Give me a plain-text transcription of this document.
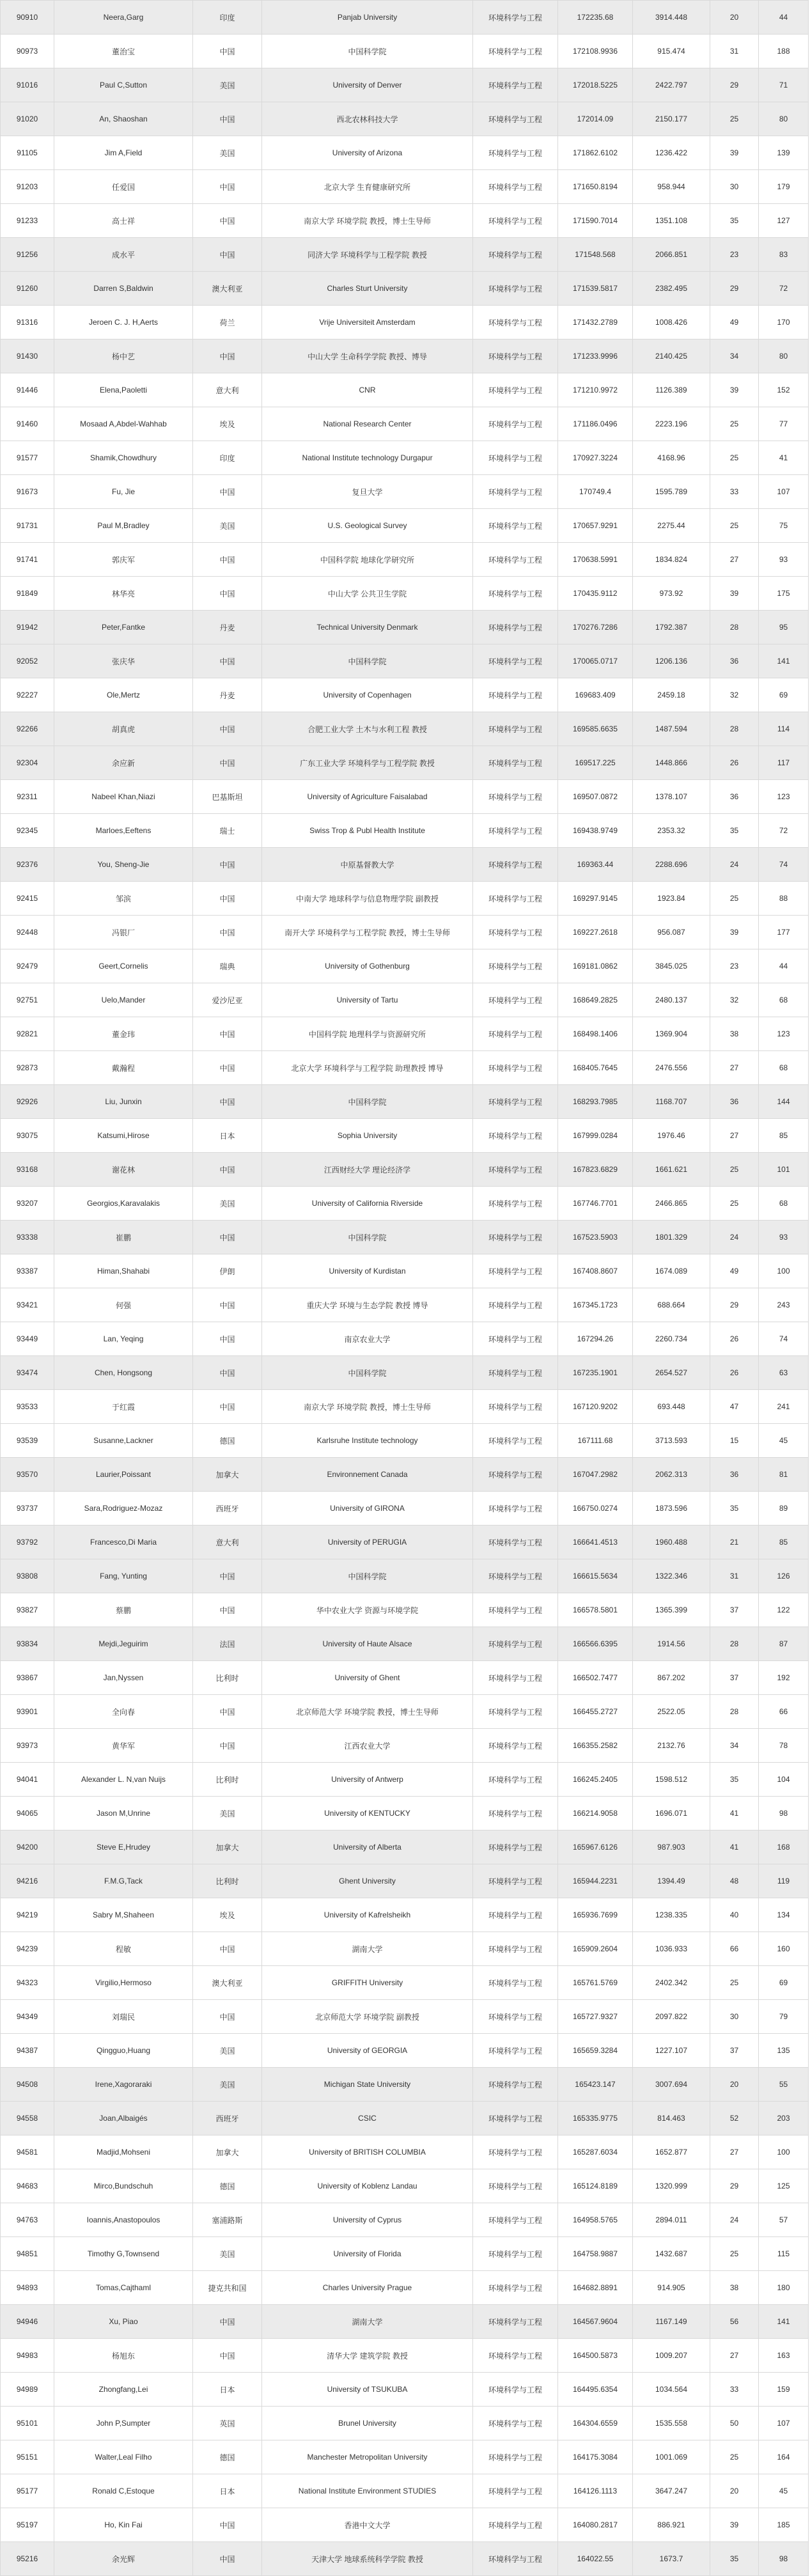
90910	Neera,Garg	印度	Panjab University	环境科学与工程	172235.68	3914.448	20	44
90973	董治宝	中国	中国科学院	环境科学与工程	172108.9936	915.474	31	188
91016	Paul C,Sutton	美国	University of Denver	环境科学与工程	172018.5225	2422.797	29	71
91020	An, Shaoshan	中国	西北农林科技大学	环境科学与工程	172014.09	2150.177	25	80
91105	Jim A,Field	美国	University of Arizona	环境科学与工程	171862.6102	1236.422	39	139
91203	任爱国	中国	北京大学 生育健康研究所	环境科学与工程	171650.8194	958.944	30	179
91233	高士祥	中国	南京大学 环境学院 教授，博士生导师	环境科学与工程	171590.7014	1351.108	35	127
91256	成水平	中国	同济大学 环境科学与工程学院 教授	环境科学与工程	171548.568	2066.851	23	83
91260	Darren S,Baldwin	澳大利亚	Charles Sturt University	环境科学与工程	171539.5817	2382.495	29	72
91316	Jeroen C. J. H,Aerts	荷兰	Vrije Universiteit Amsterdam	环境科学与工程	171432.2789	1008.426	49	170
91430	杨中艺	中国	中山大学 生命科学学院 教授、博导	环境科学与工程	171233.9996	2140.425	34	80
91446	Elena,Paoletti	意大利	CNR	环境科学与工程	171210.9972	1126.389	39	152
91460	Mosaad A,Abdel-Wahhab	埃及	National Research Center	环境科学与工程	171186.0496	2223.196	25	77
91577	Shamik,Chowdhury	印度	National Institute technology Durgapur	环境科学与工程	170927.3224	4168.96	25	41
91673	Fu, Jie	中国	复旦大学	环境科学与工程	170749.4	1595.789	33	107
91731	Paul M,Bradley	美国	U.S. Geological Survey	环境科学与工程	170657.9291	2275.44	25	75
91741	郭庆军	中国	中国科学院 地球化学研究所	环境科学与工程	170638.5991	1834.824	27	93
91849	林华亮	中国	中山大学 公共卫生学院	环境科学与工程	170435.9112	973.92	39	175
91942	Peter,Fantke	丹麦	Technical University Denmark	环境科学与工程	170276.7286	1792.387	28	95
92052	张庆华	中国	中国科学院	环境科学与工程	170065.0717	1206.136	36	141
92227	Ole,Mertz	丹麦	University of Copenhagen	环境科学与工程	169683.409	2459.18	32	69
92266	胡真虎	中国	合肥工业大学 土木与水利工程 教授	环境科学与工程	169585.6635	1487.594	28	114
92304	余应新	中国	广东工业大学 环境科学与工程学院 教授	环境科学与工程	169517.225	1448.866	26	117
92311	Nabeel Khan,Niazi	巴基斯坦	University of Agriculture Faisalabad	环境科学与工程	169507.0872	1378.107	36	123
92345	Marloes,Eeftens	瑞士	Swiss Trop & Publ Health Institute	环境科学与工程	169438.9749	2353.32	35	72
92376	You, Sheng-Jie	中国	中原基督教大学	环境科学与工程	169363.44	2288.696	24	74
92415	邹滨	中国	中南大学 地球科学与信息物理学院 副教授	环境科学与工程	169297.9145	1923.84	25	88
92448	冯银厂	中国	南开大学 环境科学与工程学院 教授，博士生导师	环境科学与工程	169227.2618	956.087	39	177
92479	Geert,Cornelis	瑞典	University of Gothenburg	环境科学与工程	169181.0862	3845.025	23	44
92751	Uelo,Mander	爱沙尼亚	University of Tartu	环境科学与工程	168649.2825	2480.137	32	68
92821	董金玮	中国	中国科学院 地理科学与资源研究所	环境科学与工程	168498.1406	1369.904	38	123
92873	戴瀚程	中国	北京大学 环境科学与工程学院 助理教授 博导	环境科学与工程	168405.7645	2476.556	27	68
92926	Liu, Junxin	中国	中国科学院	环境科学与工程	168293.7985	1168.707	36	144
93075	Katsumi,Hirose	日本	Sophia University	环境科学与工程	167999.0284	1976.46	27	85
93168	谢花林	中国	江西财经大学 理论经济学	环境科学与工程	167823.6829	1661.621	25	101
93207	Georgios,Karavalakis	美国	University of California Riverside	环境科学与工程	167746.7701	2466.865	25	68
93338	崔鹏	中国	中国科学院	环境科学与工程	167523.5903	1801.329	24	93
93387	Himan,Shahabi	伊朗	University of Kurdistan	环境科学与工程	167408.8607	1674.089	49	100
93421	何强	中国	重庆大学 环境与生态学院 教授 博导	环境科学与工程	167345.1723	688.664	29	243
93449	Lan, Yeqing	中国	南京农业大学	环境科学与工程	167294.26	2260.734	26	74
93474	Chen, Hongsong	中国	中国科学院	环境科学与工程	167235.1901	2654.527	26	63
93533	于红霞	中国	南京大学 环境学院 教授，博士生导师	环境科学与工程	167120.9202	693.448	47	241
93539	Susanne,Lackner	德国	Karlsruhe Institute technology	环境科学与工程	167111.68	3713.593	15	45
93570	Laurier,Poissant	加拿大	Environnement Canada	环境科学与工程	167047.2982	2062.313	36	81
93737	Sara,Rodriguez-Mozaz	西班牙	University of GIRONA	环境科学与工程	166750.0274	1873.596	35	89
93792	Francesco,Di Maria	意大利	University of PERUGIA	环境科学与工程	166641.4513	1960.488	21	85
93808	Fang, Yunting	中国	中国科学院	环境科学与工程	166615.5634	1322.346	31	126
93827	蔡鹏	中国	华中农业大学 资源与环境学院	环境科学与工程	166578.5801	1365.399	37	122
93834	Mejdi,Jeguirim	法国	University of Haute Alsace	环境科学与工程	166566.6395	1914.56	28	87
93867	Jan,Nyssen	比利时	University of Ghent	环境科学与工程	166502.7477	867.202	37	192
93901	全向春	中国	北京师范大学 环境学院 教授，博士生导师	环境科学与工程	166455.2727	2522.05	28	66
93973	黄华军	中国	江西农业大学	环境科学与工程	166355.2582	2132.76	34	78
94041	Alexander L. N,van Nuijs	比利时	University of Antwerp	环境科学与工程	166245.2405	1598.512	35	104
94065	Jason M,Unrine	美国	University of KENTUCKY	环境科学与工程	166214.9058	1696.071	41	98
94200	Steve E,Hrudey	加拿大	University of Alberta	环境科学与工程	165967.6126	987.903	41	168
94216	F.M.G,Tack	比利时	Ghent University	环境科学与工程	165944.2231	1394.49	48	119
94219	Sabry M,Shaheen	埃及	University of Kafrelsheikh	环境科学与工程	165936.7699	1238.335	40	134
94239	程敏	中国	湖南大学	环境科学与工程	165909.2604	1036.933	66	160
94323	Virgilio,Hermoso	澳大利亚	GRIFFITH University	环境科学与工程	165761.5769	2402.342	25	69
94349	刘瑞民	中国	北京师范大学 环境学院 副教授	环境科学与工程	165727.9327	2097.822	30	79
94387	Qingguo,Huang	美国	University of GEORGIA	环境科学与工程	165659.3284	1227.107	37	135
94508	Irene,Xagoraraki	美国	Michigan State University	环境科学与工程	165423.147	3007.694	20	55
94558	Joan,Albaigés	西班牙	CSIC	环境科学与工程	165335.9775	814.463	52	203
94581	Madjid,Mohseni	加拿大	University of BRITISH COLUMBIA	环境科学与工程	165287.6034	1652.877	27	100
94683	Mirco,Bundschuh	德国	University of Koblenz Landau	环境科学与工程	165124.8189	1320.999	29	125
94763	Ioannis,Anastopoulos	塞浦路斯	University of Cyprus	环境科学与工程	164958.5765	2894.011	24	57
94851	Timothy G,Townsend	美国	University of Florida	环境科学与工程	164758.9887	1432.687	25	115
94893	Tomas,Cajthaml	捷克共和国	Charles University Prague	环境科学与工程	164682.8891	914.905	38	180
94946	Xu, Piao	中国	湖南大学	环境科学与工程	164567.9604	1167.149	56	141
94983	杨旭东	中国	清华大学 建筑学院 教授	环境科学与工程	164500.5873	1009.207	27	163
94989	Zhongfang,Lei	日本	University of TSUKUBA	环境科学与工程	164495.6354	1034.564	33	159
95101	John P,Sumpter	英国	Brunel University	环境科学与工程	164304.6559	1535.558	50	107
95151	Walter,Leal Filho	德国	Manchester Metropolitan University	环境科学与工程	164175.3084	1001.069	25	164
95177	Ronald C,Estoque	日本	National Institute Environment STUDIES	环境科学与工程	164126.1113	3647.247	20	45
95197	Ho, Kin Fai	中国	香港中文大学	环境科学与工程	164080.2817	886.921	39	185
95216	余光辉	中国	天津大学 地球系统科学学院 教授	环境科学与工程	164022.55	1673.7	35	98
